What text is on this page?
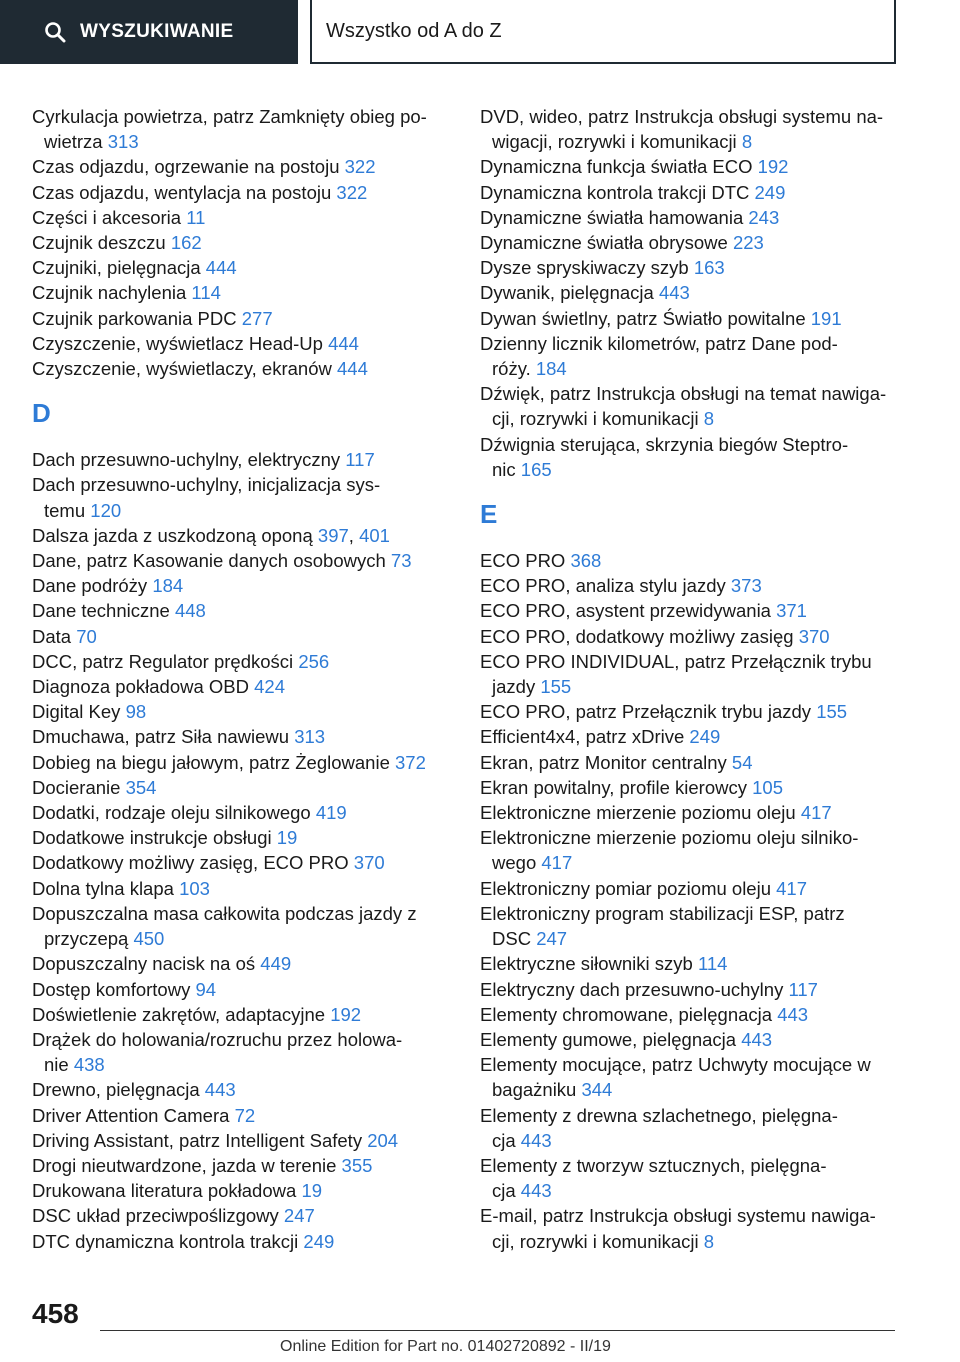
WYSZUKIWANIE	Wszystko od A do Z
Cyrkulacja powietrza, patrz Zamknięty obieg po-
wietrza 313
Czas odjazdu, ogrzewanie na postoju 322
Czas odjazdu, wentylacja na postoju 322
Części i akcesoria 11
Czujnik deszczu 162
Czujniki, pielęgnacja 444
Czujnik nachylenia 114
Czujnik parkowania PDC 277
Czyszczenie, wyświetlacz Head-Up 444
Czyszczenie, wyświetlaczy, ekranów 444
D
Dach przesuwno-uchylny, elektryczny 117
Dach przesuwno-uchylny, inicjalizacja sys-
temu 120
Dalsza jazda z uszkodzoną oponą 397, 401
Dane, patrz Kasowanie danych osobowych 73
Dane podróży 184
Dane techniczne 448
Data 70
DCC, patrz Regulator prędkości 256
Diagnoza pokładowa OBD 424
Digital Key 98
Dmuchawa, patrz Siła nawiewu 313
Dobieg na biegu jałowym, patrz Żeglowanie 372
Docieranie 354
Dodatki, rodzaje oleju silnikowego 419
Dodatkowe instrukcje obsługi 19
Dodatkowy możliwy zasięg, ECO PRO 370
Dolna tylna klapa 103
Dopuszczalna masa całkowita podczas jazdy z
przyczepą 450
Dopuszczalny nacisk na oś 449
Dostęp komfortowy 94
Doświetlenie zakrętów, adaptacyjne 192
Drążek do holowania/rozruchu przez holowa-
nie 438
Drewno, pielęgnacja 443
Driver Attention Camera 72
Driving Assistant, patrz Intelligent Safety 204
Drogi nieutwardzone, jazda w terenie 355
Drukowana literatura pokładowa 19
DSC układ przeciwpoślizgowy 247
DTC dynamiczna kontrola trakcji 249
DVD, wideo, patrz Instrukcja obsługi systemu na-
wigacji, rozrywki i komunikacji 8
Dynamiczna funkcja światła ECO 192
Dynamiczna kontrola trakcji DTC 249
Dynamiczne światła hamowania 243
Dynamiczne światła obrysowe 223
Dysze spryskiwaczy szyb 163
Dywanik, pielęgnacja 443
Dywan świetlny, patrz Światło powitalne 191
Dzienny licznik kilometrów, patrz Dane pod-
róży. 184
Dźwięk, patrz Instrukcja obsługi na temat nawiga-
cji, rozrywki i komunikacji 8
Dźwignia sterująca, skrzynia biegów Steptro-
nic 165
E
ECO PRO 368
ECO PRO, analiza stylu jazdy 373
ECO PRO, asystent przewidywania 371
ECO PRO, dodatkowy możliwy zasięg 370
ECO PRO INDIVIDUAL, patrz Przełącznik trybu
jazdy 155
ECO PRO, patrz Przełącznik trybu jazdy 155
Efficient4x4, patrz xDrive 249
Ekran, patrz Monitor centralny 54
Ekran powitalny, profile kierowcy 105
Elektroniczne mierzenie poziomu oleju 417
Elektroniczne mierzenie poziomu oleju silniko-
wego 417
Elektroniczny pomiar poziomu oleju 417
Elektroniczny program stabilizacji ESP, patrz
DSC 247
Elektryczne siłowniki szyb 114
Elektryczny dach przesuwno-uchylny 117
Elementy chromowane, pielęgnacja 443
Elementy gumowe, pielęgnacja 443
Elementy mocujące, patrz Uchwyty mocujące w
bagażniku 344
Elementy z drewna szlachetnego, pielęgna-
cja 443
Elementy z tworzyw sztucznych, pielęgna-
cja 443
E-mail, patrz Instrukcja obsługi systemu nawiga-
cji, rozrywki i komunikacji 8
458
Online Edition for Part no. 01402720892 - II/19
